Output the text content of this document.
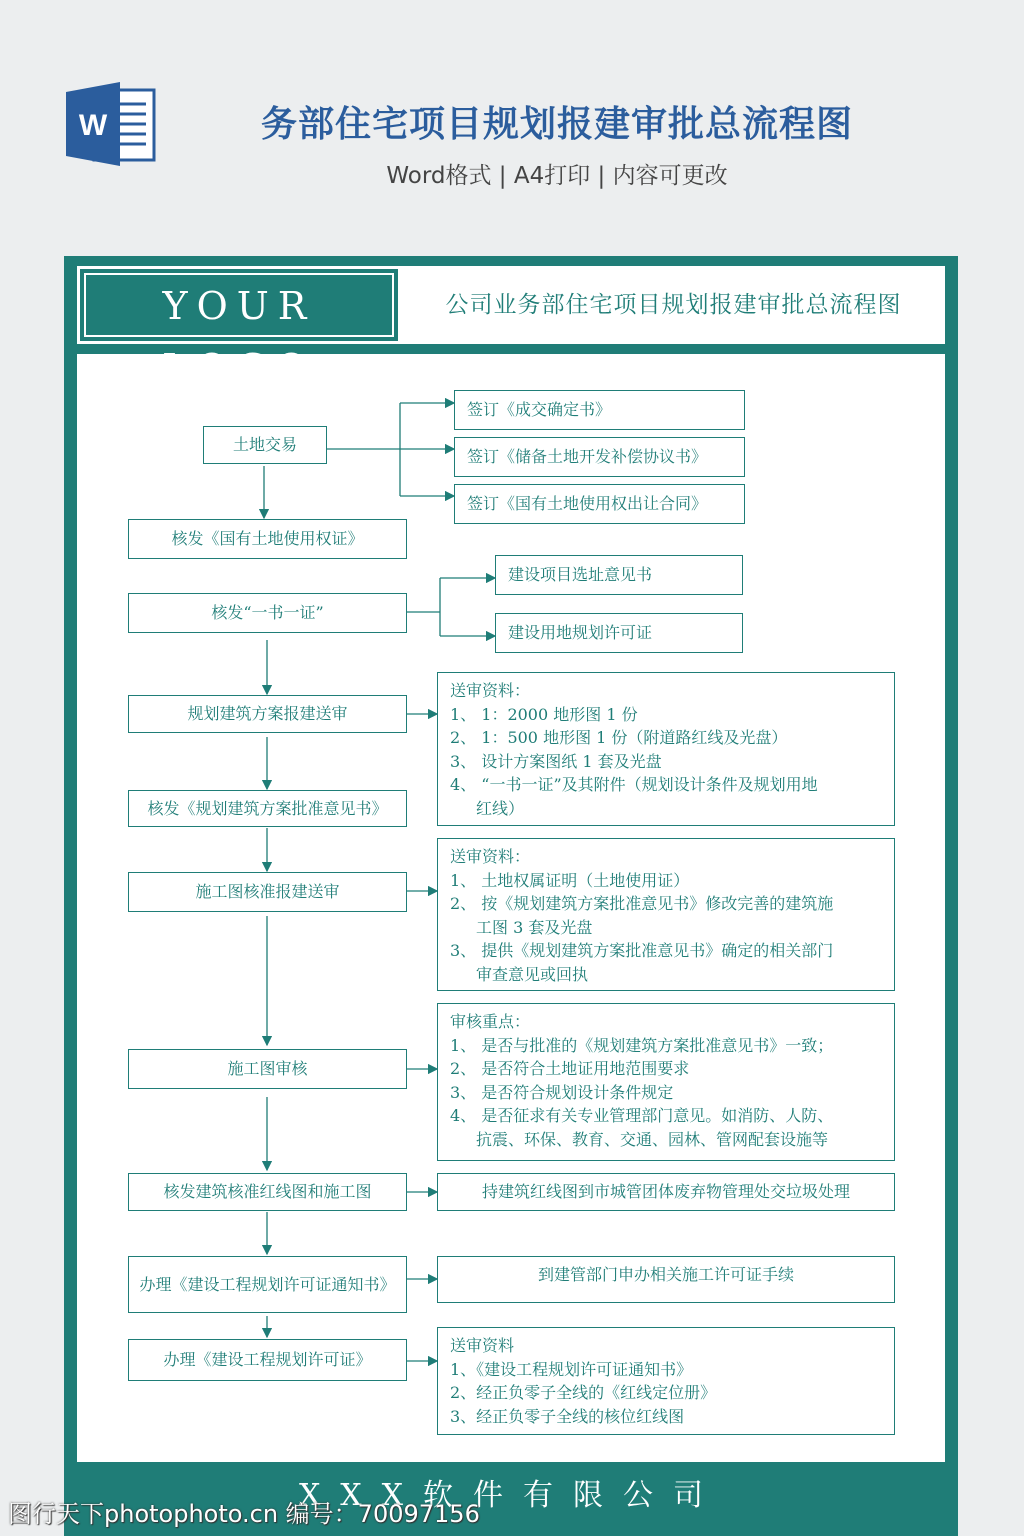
W	务部住宅项目规划报建审批总流程图
Word格式 | A4打印 | 内容可更改
YOUR	公司业务部住宅项目规划报建审批总流程图
土地交易
签订《成交确定书》
签订《储备土地开发补偿协议书》
签订《国有土地使用权出让合同》
核发《国有土地使用权证》
核发“一书一证”
建设项目选址意见书
建设用地规划许可证
规划建筑方案报建送审
核发《规划建筑方案批准意见书》
施工图核准报建送审
施工图审核
核发建筑核准红线图和施工图
办理《建设工程规划许可证通知书》
办理《建设工程规划许可证》
送审资料：
1、 1：2000 地形图 1 份
2、 1：500 地形图 1 份（附道路红线及光盘）
3、 设计方案图纸 1 套及光盘
4、 “一书一证”及其附件（规划设计条件及规划用地
红线）
送审资料：
1、 土地权属证明（土地使用证）
2、 按《规划建筑方案批准意见书》修改完善的建筑施
工图 3 套及光盘
3、 提供《规划建筑方案批准意见书》确定的相关部门
审查意见或回执
审核重点：
1、 是否与批准的《规划建筑方案批准意见书》一致；
2、 是否符合土地证用地范围要求
3、 是否符合规划设计条件规定
4、 是否征求有关专业管理部门意见。如消防、人防、
抗震、环保、教育、交通、园林、管网配套设施等
持建筑红线图到市城管团体废弃物管理处交垃圾处理
到建管部门申办相关施工许可证手续
送审资料
1、《建设工程规划许可证通知书》
2、经正负零子全线的《红线定位册》
3、经正负零子全线的核位红线图
XXX软件有限公司
图行天下photophoto.cn 编号：70097156
